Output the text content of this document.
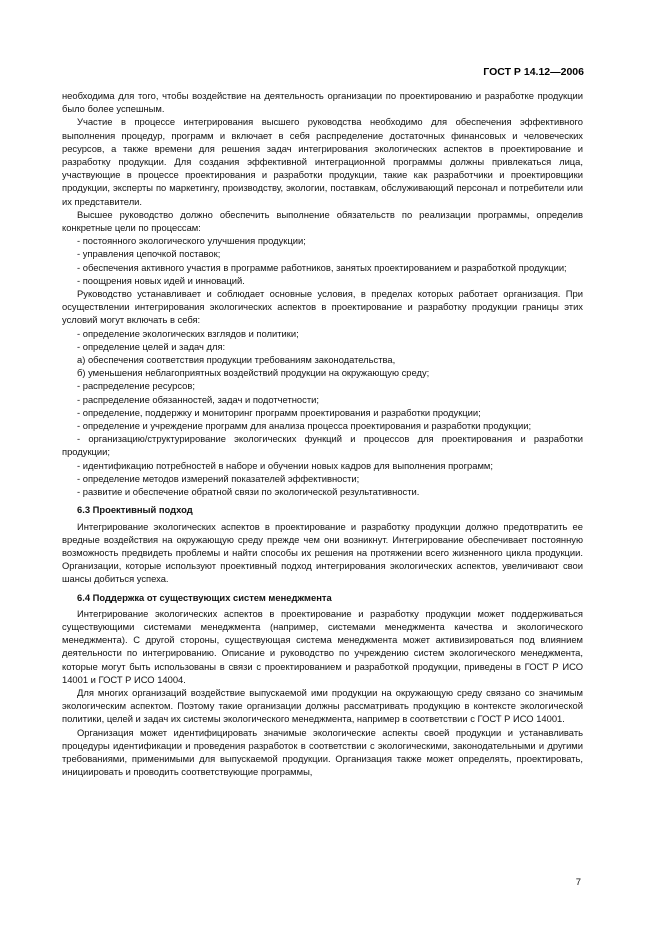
ГОСТ Р 14.12—2006

необходима для того, чтобы воздействие на деятельность организации по проектированию и разработке продукции было более успешным.

Участие в процессе интегрирования высшего руководства необходимо для обеспечения эффективного выполнения процедур, программ и включает в себя распределение достаточных финансовых и человеческих ресурсов, а также времени для решения задач интегрирования экологических аспектов в проектирование и разработку продукции. Для создания эффективной интеграционной программы должны привлекаться лица, участвующие в процессе проектирования и разработки продукции, такие как разработчики и проектировщики продукции, эксперты по маркетингу, производству, экологии, поставкам, обслуживающий персонал и потребители или их представители.

Высшее руководство должно обеспечить выполнение обязательств по реализации программы, определив конкретные цели по процессам:

- постоянного экологического улучшения продукции;

- управления цепочкой поставок;

- обеспечения активного участия в программе работников, занятых проектированием и разработкой продукции;

- поощрения новых идей и инноваций.

Руководство устанавливает и соблюдает основные условия, в пределах которых работает организация. При осуществлении интегрирования экологических аспектов в проектирование и разработку продукции границы этих условий могут включать в себя:

- определение экологических взглядов и политики;

- определение целей и задач для:

а) обеспечения соответствия продукции требованиям законодательства,

б) уменьшения неблагоприятных воздействий продукции на окружающую среду;

- распределение ресурсов;

- распределение обязанностей, задач и подотчетности;

- определение, поддержку и мониторинг программ проектирования и разработки продукции;

- определение и учреждение программ для анализа процесса проектирования и разработки продукции;

- организацию/структурирование экологических функций и процессов для проектирования и разработки продукции;

- идентификацию потребностей в наборе и обучении новых кадров для выполнения программ;

- определение методов измерений показателей эффективности;

- развитие и обеспечение обратной связи по экологической результативности.

6.3 Проективный подход

Интегрирование экологических аспектов в проектирование и разработку продукции должно предотвратить ее вредные воздействия на окружающую среду прежде чем они возникнут. Интегрирование обеспечивает постоянную возможность предвидеть проблемы и найти способы их решения на протяжении всего жизненного цикла продукции. Организации, которые используют проективный подход интегрирования экологических аспектов, увеличивают свои шансы добиться успеха.

6.4 Поддержка от существующих систем менеджмента

Интегрирование экологических аспектов в проектирование и разработку продукции может поддерживаться существующими системами менеджмента (например, системами менеджмента качества и экологического менеджмента). С другой стороны, существующая система менеджмента может активизироваться под влиянием деятельности по интегрированию. Описание и руководство по учреждению систем экологического менеджмента, которые могут быть использованы в связи с проектированием и разработкой продукции, приведены в ГОСТ Р ИСО 14001 и ГОСТ Р ИСО 14004.

Для многих организаций воздействие выпускаемой ими продукции на окружающую среду связано со значимым экологическим аспектом. Поэтому такие организации должны рассматривать продукцию в контексте экологической политики, целей и задач их системы экологического менеджмента, например в соответствии с ГОСТ Р ИСО 14001.

Организация может идентифицировать значимые экологические аспекты своей продукции и устанавливать процедуры идентификации и проведения разработок в соответствии с экологическими, законодательными и другими требованиями, применимыми для выпускаемой продукции. Организация также может определять, проектировать, инициировать и проводить соответствующие программы,

7
